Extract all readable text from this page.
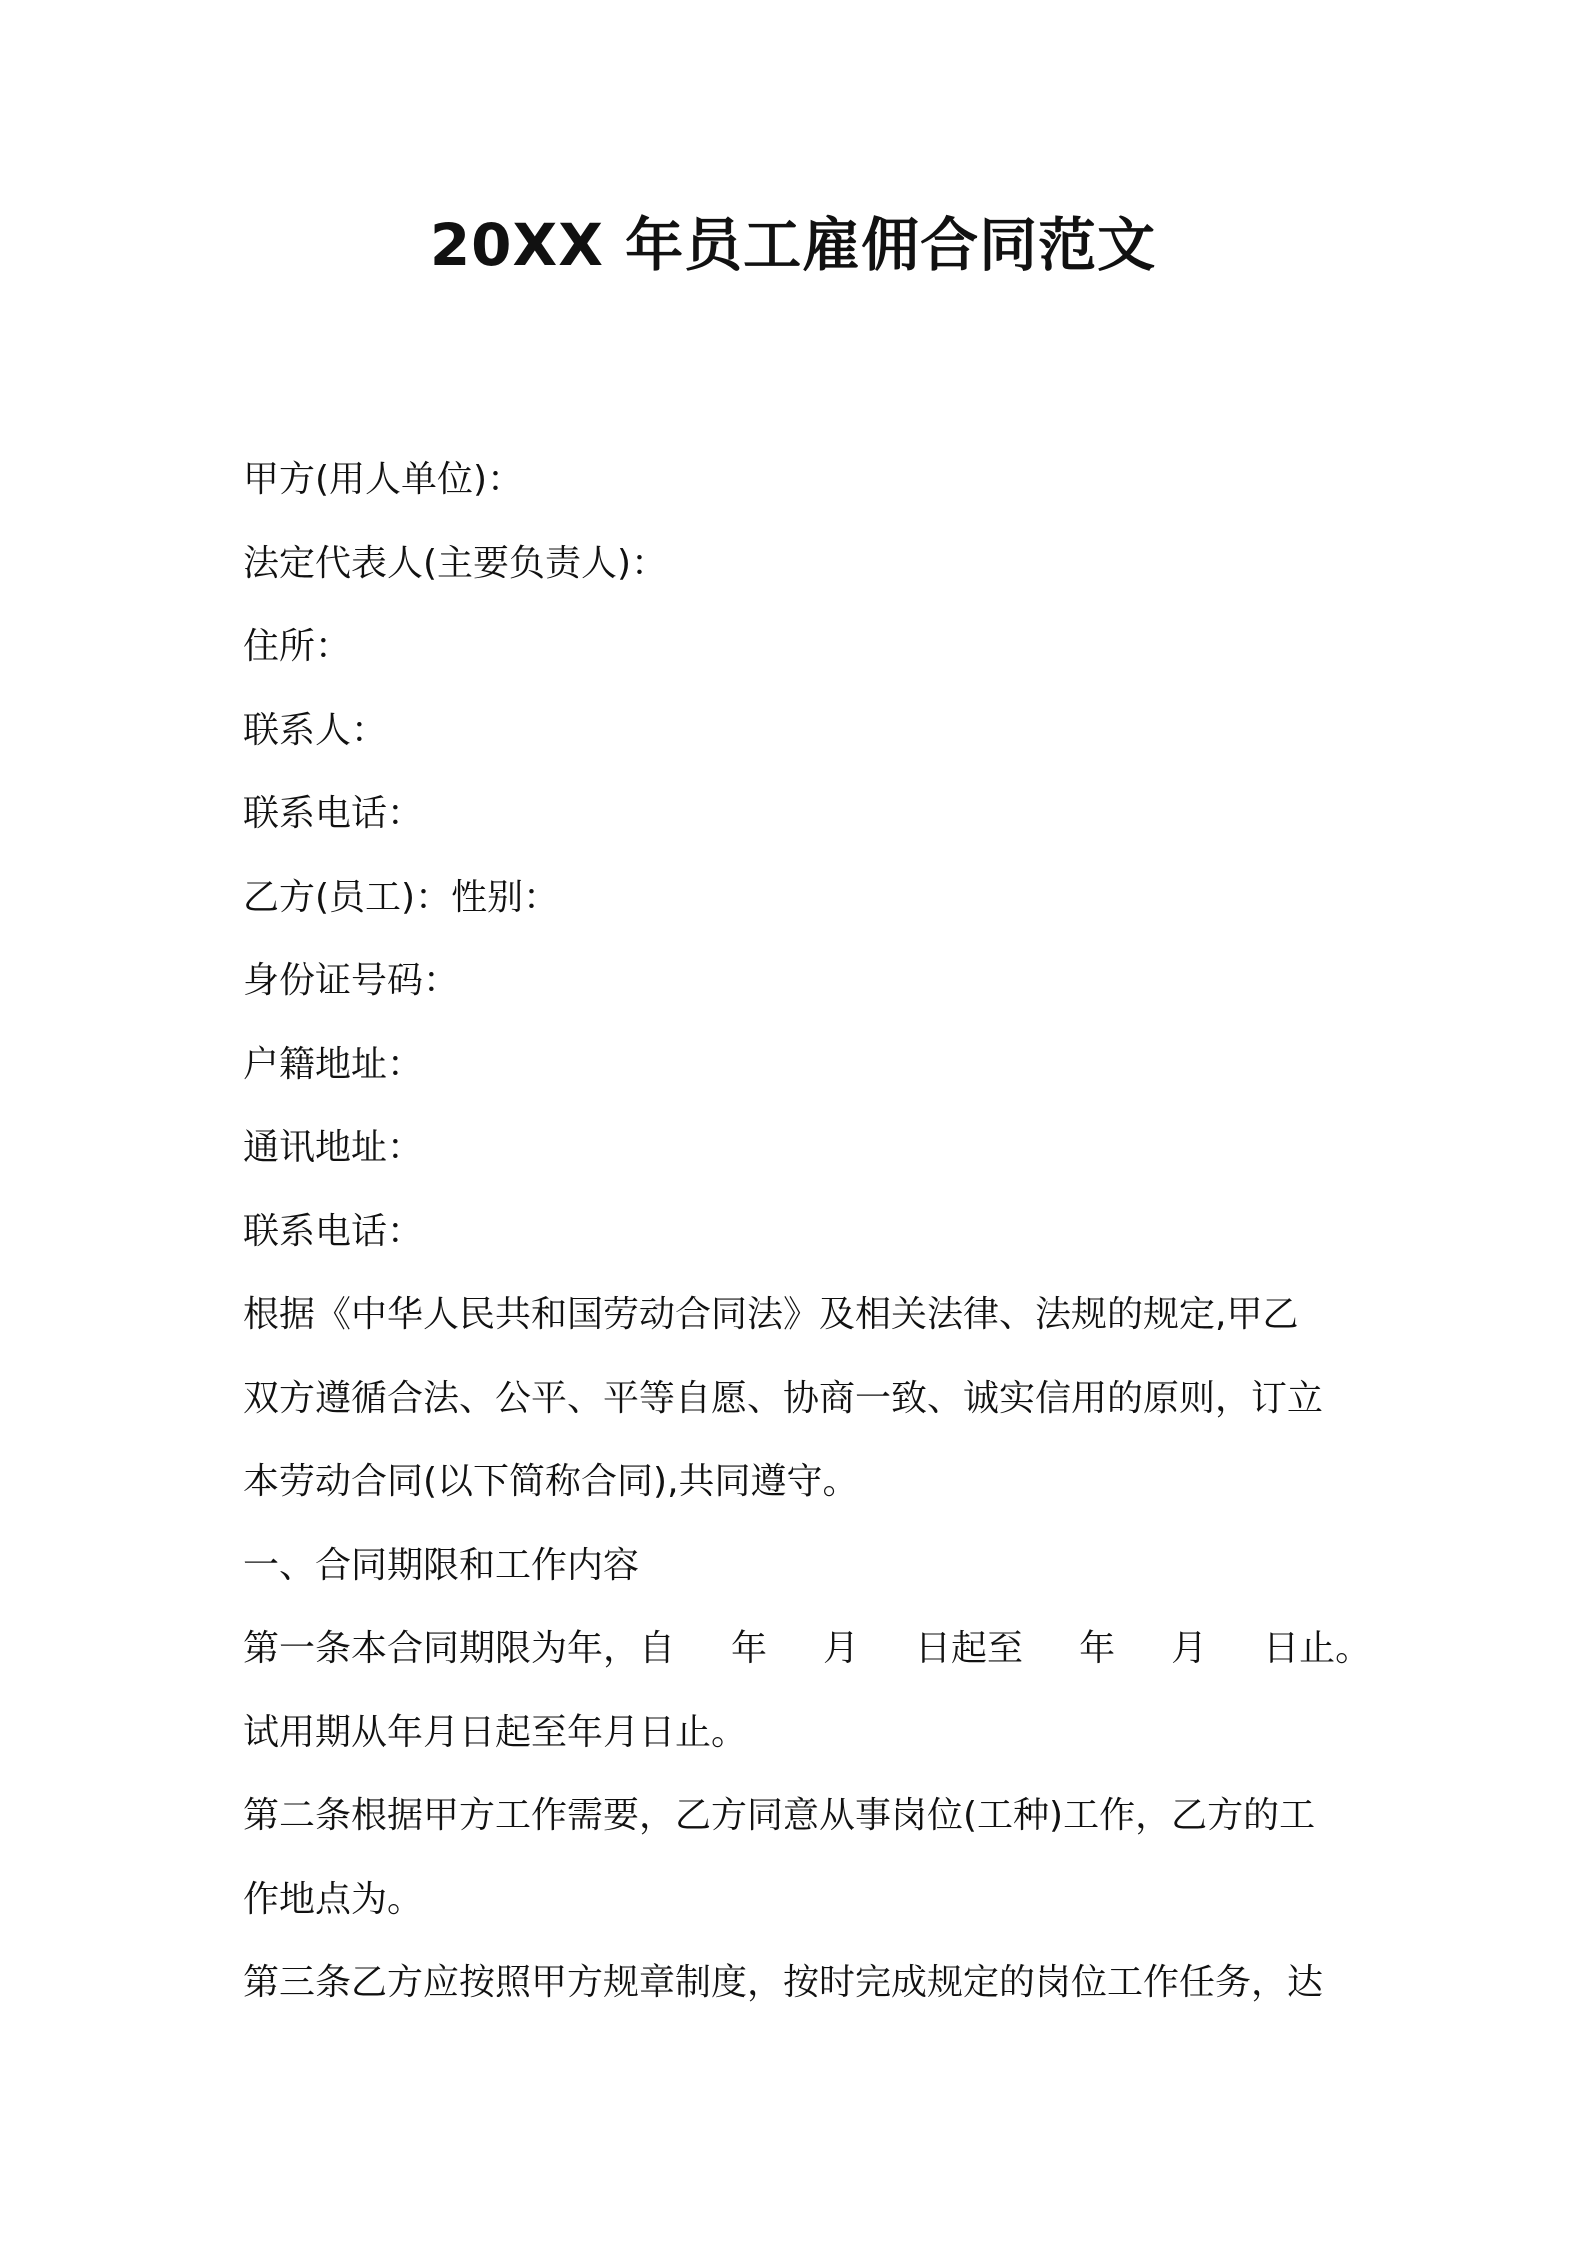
20XX 年员工雇佣合同范文
甲方(用人单位)：
法定代表人(主要负责人)：
住所：
联系人：
联系电话：
乙方(员工)：性别：
身份证号码：
户籍地址：
通讯地址：
联系电话：
根据《中华人民共和国劳动合同法》及相关法律、法规的规定,甲乙
双方遵循合法、公平、平等自愿、协商一致、诚实信用的原则，订立
本劳动合同(以下简称合同),共同遵守。
一、合同期限和工作内容
第一条本合同期限为年，自 年 月 日起至 年 月 日止。
试用期从年月日起至年月日止。
第二条根据甲方工作需要，乙方同意从事岗位(工种)工作，乙方的工
作地点为。
第三条乙方应按照甲方规章制度，按时完成规定的岗位工作任务，达
